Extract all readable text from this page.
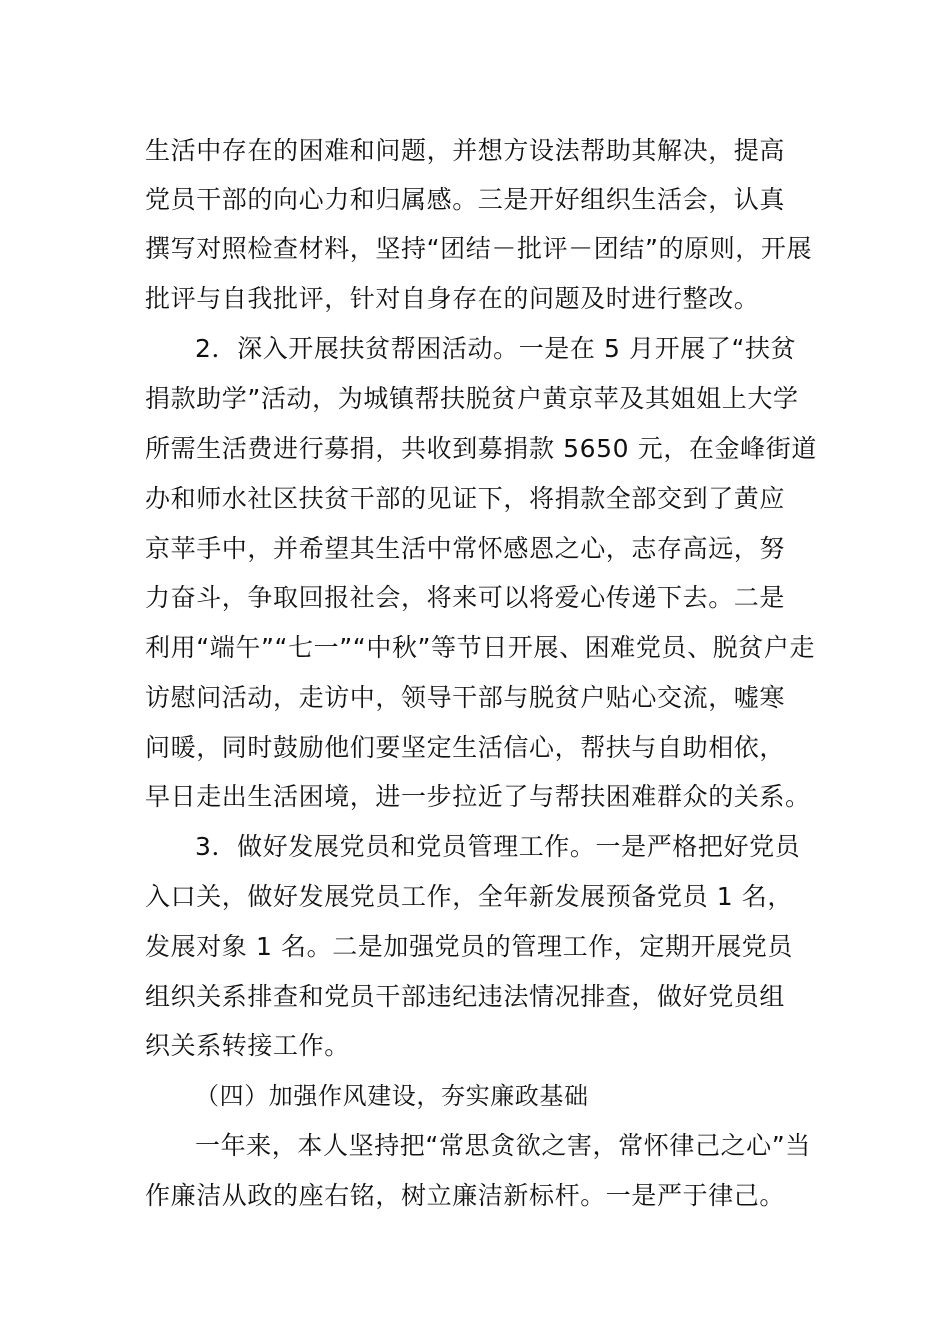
生活中存在的困难和问题，并想方设法帮助其解决，提高
党员干部的向心力和归属感。三是开好组织生活会，认真
撰写对照检查材料，坚持“团结－批评－团结”的原则，开展
批评与自我批评，针对自身存在的问题及时进行整改。
2．深入开展扶贫帮困活动。一是在 5 月开展了“扶贫
捐款助学”活动，为城镇帮扶脱贫户黄京苹及其姐姐上大学
所需生活费进行募捐，共收到募捐款 5650 元，在金峰街道
办和师水社区扶贫干部的见证下，将捐款全部交到了黄应
京苹手中，并希望其生活中常怀感恩之心，志存高远，努
力奋斗，争取回报社会，将来可以将爱心传递下去。二是
利用“端午”“七一”“中秋”等节日开展、困难党员、脱贫户走
访慰问活动，走访中，领导干部与脱贫户贴心交流，嘘寒
问暖，同时鼓励他们要坚定生活信心，帮扶与自助相依，
早日走出生活困境，进一步拉近了与帮扶困难群众的关系。
3．做好发展党员和党员管理工作。一是严格把好党员
入口关，做好发展党员工作，全年新发展预备党员 1 名，
发展对象 1 名。二是加强党员的管理工作，定期开展党员
组织关系排查和党员干部违纪违法情况排查，做好党员组
织关系转接工作。
（四）加强作风建设，夯实廉政基础
一年来，本人坚持把“常思贪欲之害，常怀律己之心”当
作廉洁从政的座右铭，树立廉洁新标杆。一是严于律己。
